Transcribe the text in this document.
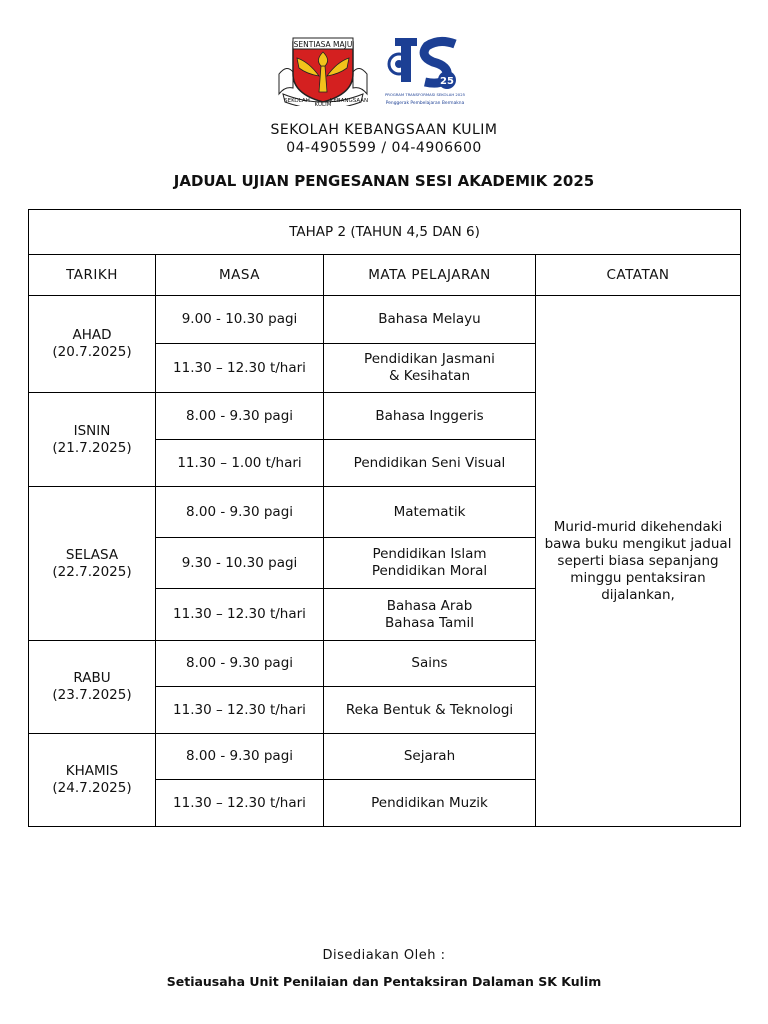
SENTIASA MAJU
SEKOLAH
KULIM
KEBANGSAAN
25
PROGRAM TRANSFORMASI SEKOLAH 2025
Penggerak Pembelajaran Bermakna
SEKOLAH KEBANGSAAN KULIM
04-4905599 / 04-4906600
JADUAL UJIAN PENGESANAN SESI AKADEMIK 2025
TAHAP 2 (TAHUN 4,5 DAN 6)			
TARIKH	MASA	MATA PELAJARAN	CATATAN

AHAD
(20.7.2025)	9.00 - 10.30 pagi	Bahasa Melayu	Murid-murid dikehendaki bawa buku mengikut jadual seperti biasa sepanjang minggu pentaksiran dijalankan,
	11.30 – 12.30 t/hari	Pendidikan Jasmani
& Kesihatan	

ISNIN
(21.7.2025)	8.00 - 9.30 pagi	Bahasa Inggeris	

	11.30 – 1.00 t/hari	Pendidikan Seni Visual	

SELASA
(22.7.2025)	8.00 - 9.30 pagi	Matematik	

	9.30 - 10.30 pagi	Pendidikan Islam
Pendidikan Moral	

	11.30 – 12.30 t/hari	Bahasa Arab
Bahasa Tamil	

RABU
(23.7.2025)	8.00 - 9.30 pagi	Sains	

	11.30 – 12.30 t/hari	Reka Bentuk & Teknologi	

KHAMIS
(24.7.2025)	8.00 - 9.30 pagi	Sejarah	

	11.30 – 12.30 t/hari	Pendidikan Muzik	
Disediakan Oleh :
Setiausaha Unit Penilaian dan Pentaksiran Dalaman SK Kulim
